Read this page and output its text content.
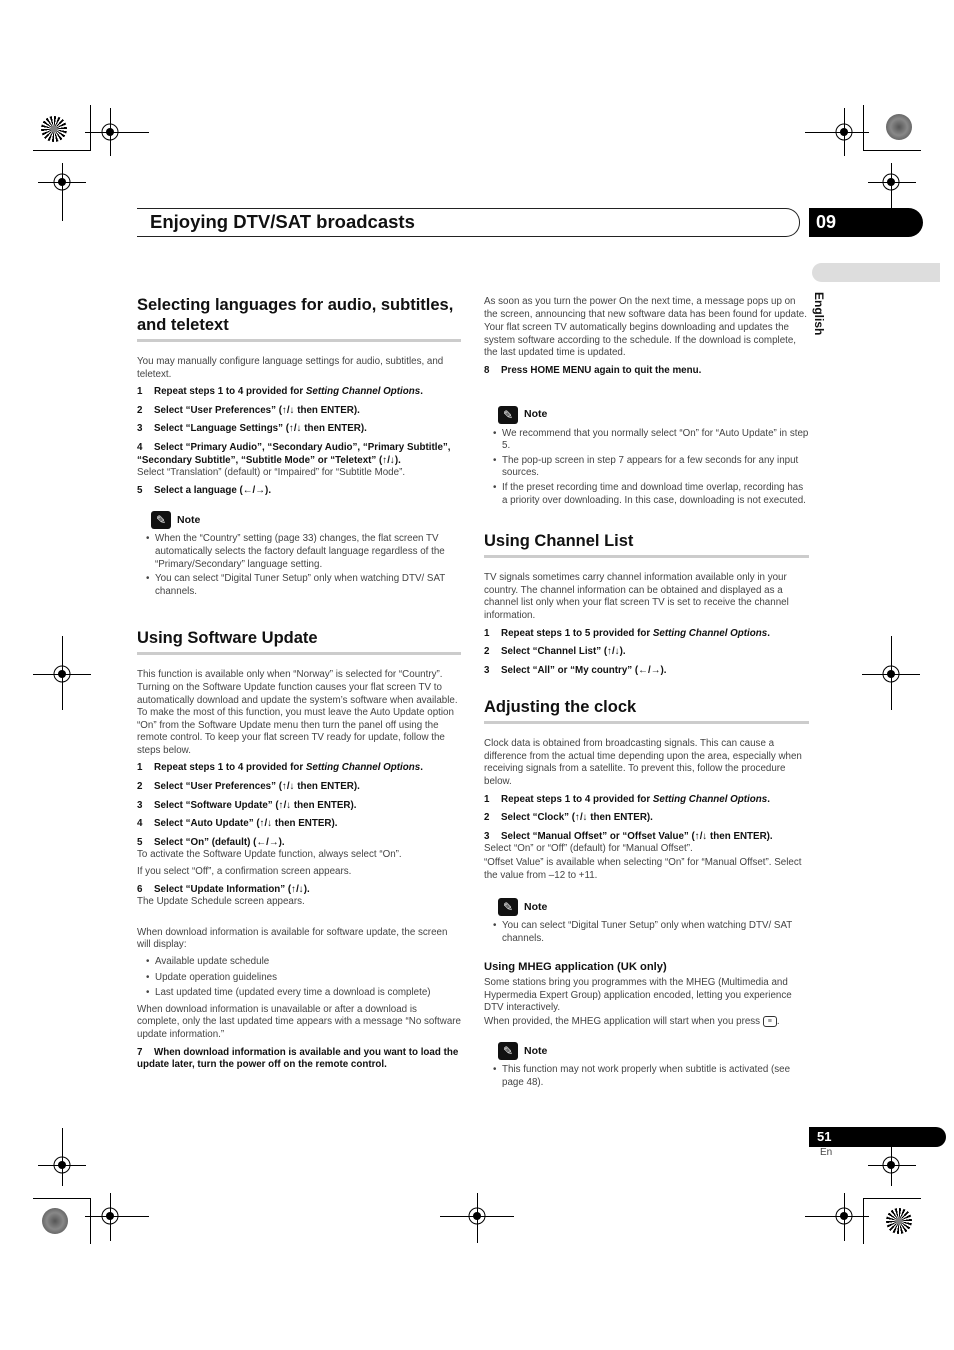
Enjoying DTV/SAT broadcasts	09
English
Selecting languages for audio, subtitles, and teletext

You may manually configure language settings for audio, subtitles, and teletext.

1 Repeat steps 1 to 4 provided for Setting Channel Options.
2 Select “User Preferences” (↑/↓ then ENTER).
3 Select “Language Settings” (↑/↓ then ENTER).
4 Select “Primary Audio”, “Secondary Audio”, “Primary Subtitle”, “Secondary Subtitle”, “Subtitle Mode” or “Teletext” (↑/↓).

Select “Translation” (default) or “Impaired” for “Subtitle Mode”.

5 Select a language (←/→).
✎	Note
• When the “Country” setting (page 33) changes, the flat screen TV automatically selects the factory default language regardless of the “Primary/Secondary” language setting.
• You can select “Digital Tuner Setup” only when watching DTV/ SAT channels.
Using Software Update

This function is available only when “Norway” is selected for “Country”. Turning on the Software Update function causes your flat screen TV to automatically download and update the system’s software when available. To make the most of this function, you must leave the Auto Update option “On” from the Software Update menu then turn the panel off using the remote control. To keep your flat screen TV ready for update, follow the steps below.

1 Repeat steps 1 to 4 provided for Setting Channel Options.
2 Select “User Preferences” (↑/↓ then ENTER).
3 Select “Software Update” (↑/↓ then ENTER).
4 Select “Auto Update” (↑/↓ then ENTER).
5 Select “On” (default) (←/→).

To activate the Software Update function, always select “On”.

If you select “Off”, a confirmation screen appears.

6 Select “Update Information” (↑/↓).

The Update Schedule screen appears.

When download information is available for software update, the screen will display:

• Available update schedule
• Update operation guidelines
• Last updated time (updated every time a download is complete)

When download information is unavailable or after a download is complete, only the last updated time appears with a message “No software update information.”

7 When download information is available and you want to load the update later, turn the power off on the remote control.

As soon as you turn the power On the next time, a message pops up on the screen, announcing that new software data has been found for update.

Your flat screen TV automatically begins downloading and updates the system software according to the schedule. If the download is complete, the last updated time is updated.

8 Press HOME MENU again to quit the menu.
✎	Note
• We recommend that you normally select “On” for “Auto Update” in step 5.
• The pop-up screen in step 7 appears for a few seconds for any input sources.
• If the preset recording time and download time overlap, recording has a priority over downloading. In this case, downloading is not executed.
Using Channel List

TV signals sometimes carry channel information available only in your country. The channel information can be obtained and displayed as a channel list only when your flat screen TV is set to receive the channel information.

1 Repeat steps 1 to 5 provided for Setting Channel Options.
2 Select “Channel List” (↑/↓).
3 Select “All” or “My country” (←/→).
Adjusting the clock

Clock data is obtained from broadcasting signals. This can cause a difference from the actual time depending upon the area, especially when receiving signals from a satellite. To prevent this, follow the procedure below.

1 Repeat steps 1 to 4 provided for Setting Channel Options.
2 Select “Clock” (↑/↓ then ENTER).
3 Select “Manual Offset” or “Offset Value” (↑/↓ then ENTER).

Select “On” or “Off” (default) for “Manual Offset”.

“Offset Value” is available when selecting “On” for “Manual Offset”. Select the value from –12 to +11.

✎	Note
• You can select “Digital Tuner Setup” only when watching DTV/ SAT channels.
Using MHEG application (UK only)

Some stations bring you programmes with the MHEG (Multimedia and Hypermedia Expert Group) application encoded, letting you experience DTV interactively.

When provided, the MHEG application will start when you press ≡ .

✎	Note
• This function may not work properly when subtitle is activated (see page 48).
51
En
